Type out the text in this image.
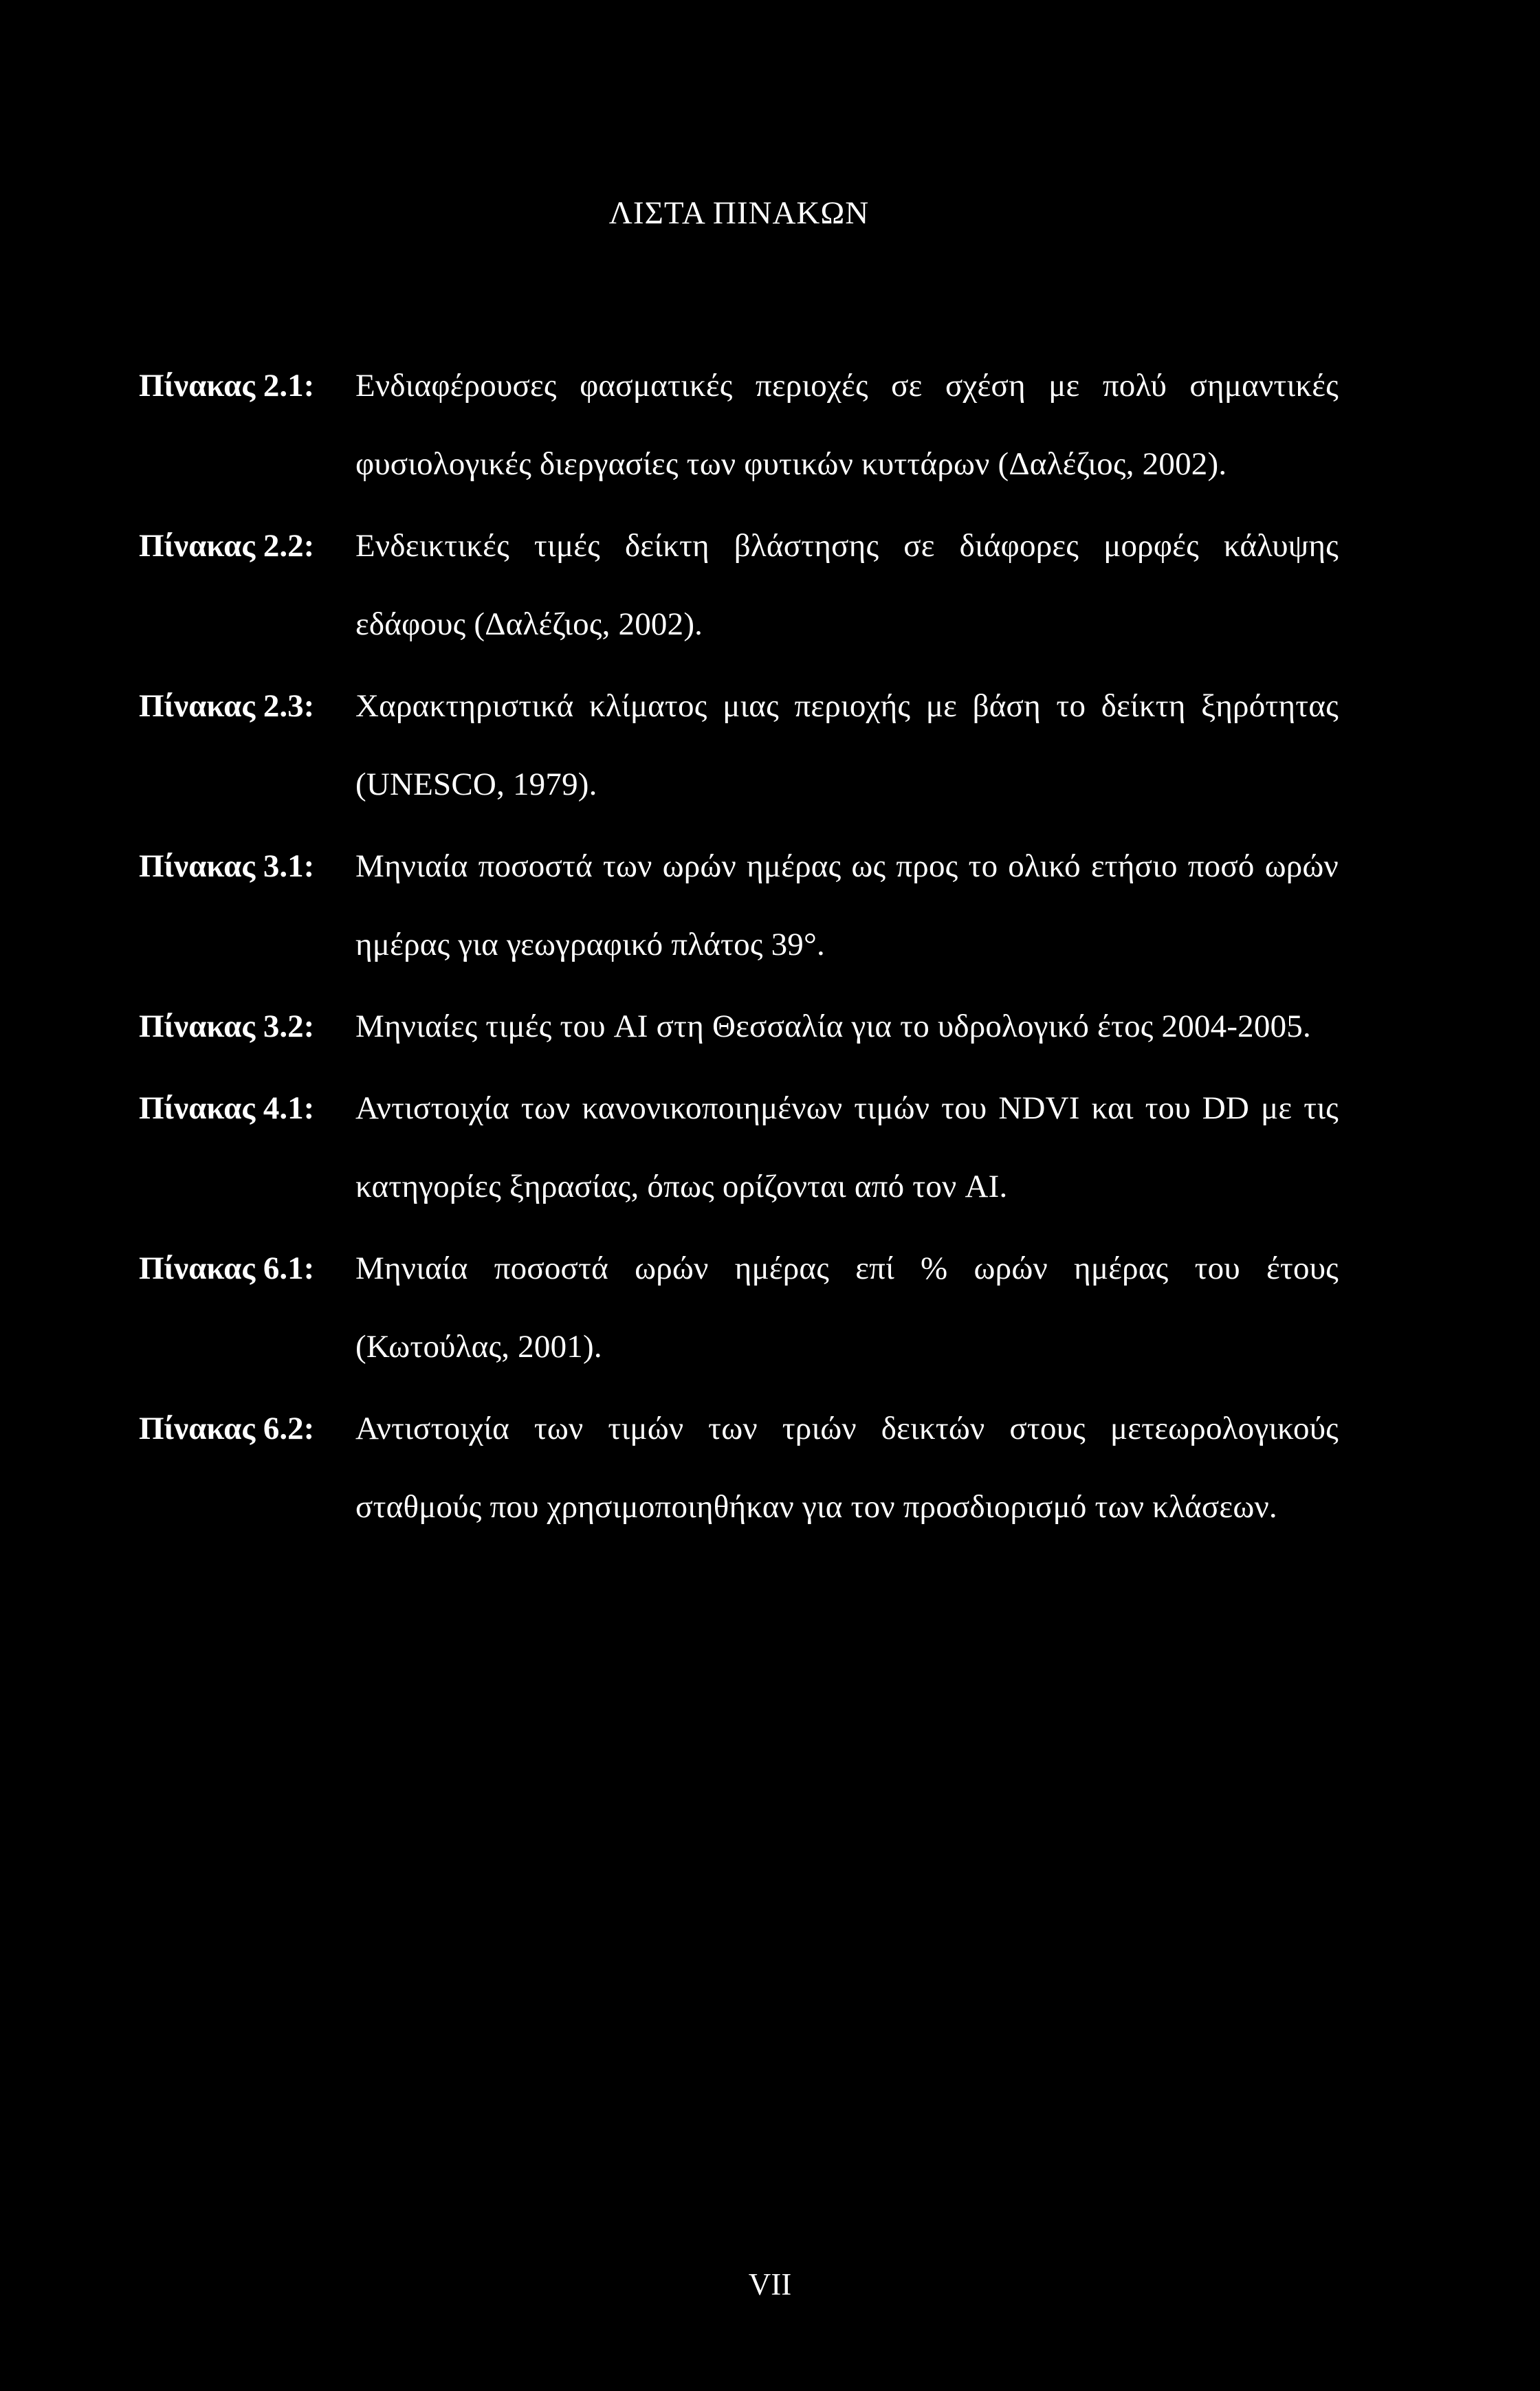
ΛΙΣΤΑ ΠΙΝΑΚΩΝ
Πίνακας 2.1:	Ενδιαφέρουσες φασματικές περιοχές σε σχέση με πολύ σημαντικές φυσιολογικές διεργασίες των φυτικών κυττάρων (Δαλέζιος, 2002).
Πίνακας 2.2:	Ενδεικτικές τιμές δείκτη βλάστησης σε διάφορες μορφές κάλυψης εδάφους (Δαλέζιος, 2002).
Πίνακας 2.3:	Χαρακτηριστικά κλίματος μιας περιοχής με βάση το δείκτη ξηρότητας (UNESCO, 1979).
Πίνακας 3.1:	Μηνιαία ποσοστά των ωρών ημέρας ως προς το ολικό ετήσιο ποσό ωρών ημέρας για γεωγραφικό πλάτος 39°.
Πίνακας 3.2:	Μηνιαίες τιμές του AI στη Θεσσαλία για το υδρολογικό έτος 2004-2005.
Πίνακας 4.1:	Αντιστοιχία των κανονικοποιημένων τιμών του NDVI και του DD με τις κατηγορίες ξηρασίας, όπως ορίζονται από τον AI.
Πίνακας 6.1:	Μηνιαία ποσοστά ωρών ημέρας επί % ωρών ημέρας του έτους (Κωτούλας, 2001).
Πίνακας 6.2:	Αντιστοιχία των τιμών των τριών δεικτών στους μετεωρολογικούς σταθμούς που χρησιμοποιηθήκαν για τον προσδιορισμό των κλάσεων.
VII
